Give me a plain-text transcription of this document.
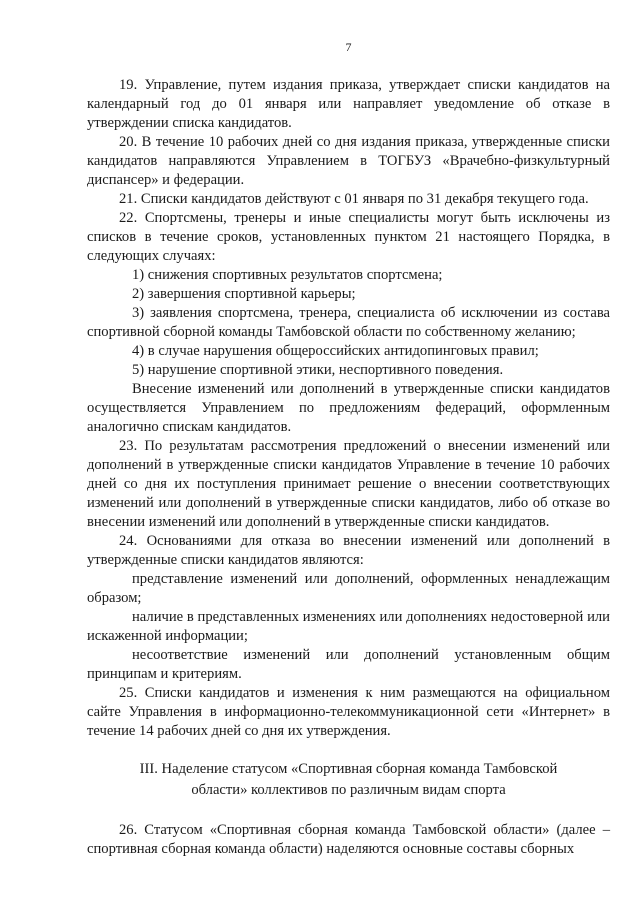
7

19. Управление, путем издания приказа, утверждает списки кандидатов на календарный год до 01 января или направляет уведомление об отказе в утверждении списка кандидатов.

20. В течение 10 рабочих дней со дня издания приказа, утвержденные списки кандидатов направляются Управлением в ТОГБУЗ «Врачебно-физкультурный диспансер» и федерации.

21. Списки кандидатов действуют с 01 января по 31 декабря текущего года.

22. Спортсмены, тренеры и иные специалисты могут быть исключены из списков в течение сроков, установленных пунктом 21 настоящего Порядка, в следующих случаях:

1) снижения спортивных результатов спортсмена;

2) завершения спортивной карьеры;

3) заявления спортсмена, тренера, специалиста об исключении из состава спортивной сборной команды Тамбовской области по собственному желанию;

4) в случае нарушения общероссийских антидопинговых правил;

5) нарушение спортивной этики, неспортивного поведения.

Внесение изменений или дополнений в утвержденные списки кандидатов осуществляется Управлением по предложениям федераций, оформленным аналогично спискам кандидатов.

23. По результатам рассмотрения предложений о внесении изменений или дополнений в утвержденные списки кандидатов Управление в течение 10 рабочих дней со дня их поступления принимает решение о внесении соответствующих изменений или дополнений в утвержденные списки кандидатов, либо об отказе во внесении изменений или дополнений в утвержденные списки кандидатов.

24. Основаниями для отказа во внесении изменений или дополнений в утвержденные списки кандидатов являются:

представление изменений или дополнений, оформленных ненадлежащим образом;

наличие в представленных изменениях или дополнениях недостоверной или искаженной информации;

несоответствие изменений или дополнений установленным общим принципам и критериям.

25. Списки кандидатов и изменения к ним размещаются на официальном сайте Управления в информационно-телекоммуникационной сети «Интернет» в течение 14 рабочих дней со дня их утверждения.

III. Наделение статусом «Спортивная сборная команда Тамбовской
области» коллективов по различным видам спорта

26. Статусом «Спортивная сборная команда Тамбовской области» (далее – спортивная сборная команда области) наделяются основные составы сборных
